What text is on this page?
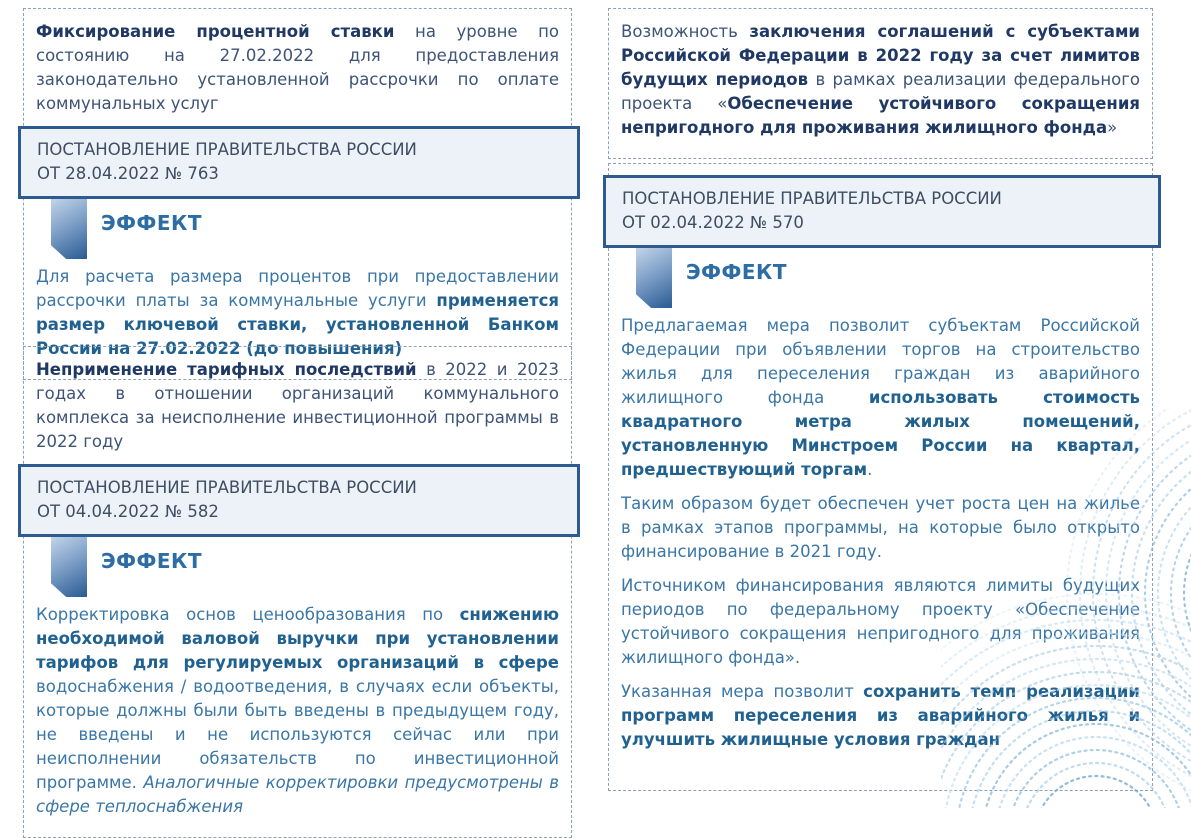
Фиксирование процентной ставки на уровне по состоянию на 27.02.2022 для предоставления законодательно установленной рассрочки по оплате коммунальных услуг
ПОСТАНОВЛЕНИЕ ПРАВИТЕЛЬСТВА РОССИИ
ОТ 28.04.2022 № 763
ЭФФЕКТ
Для расчета размера процентов при предоставлении рассрочки платы за коммунальные услуги применяется размер ключевой ставки, установленной Банком России на 27.02.2022 (до повышения)
Неприменение тарифных последствий в 2022 и 2023 годах в отношении организаций коммунального комплекса за неисполнение инвестиционной программы в 2022 году
ПОСТАНОВЛЕНИЕ ПРАВИТЕЛЬСТВА РОССИИ
ОТ 04.04.2022 № 582
ЭФФЕКТ
Корректировка основ ценообразования по снижению необходимой валовой выручки при установлении тарифов для регулируемых организаций в сфере водоснабжения / водоотведения, в случаях если объекты, которые должны были быть введены в предыдущем году, не введены и не используются сейчас или при неисполнении обязательств по инвестиционной программе. Аналогичные корректировки предусмотрены в сфере теплоснабжения
Возможность заключения соглашений с субъектами Российской Федерации в 2022 году за счет лимитов будущих периодов в рамках реализации федерального проекта «Обеспечение устойчивого сокращения непригодного для проживания жилищного фонда»
ПОСТАНОВЛЕНИЕ ПРАВИТЕЛЬСТВА РОССИИ
ОТ 02.04.2022 № 570
ЭФФЕКТ
Предлагаемая мера позволит субъектам Российской Федерации при объявлении торгов на строительство жилья для переселения граждан из аварийного жилищного фонда использовать стоимость квадратного метра жилых помещений, установленную Минстроем России на квартал, предшествующий торгам.
Таким образом будет обеспечен учет роста цен на жилье в рамках этапов программы, на которые было открыто финансирование в 2021 году.
Источником финансирования являются лимиты будущих периодов по федеральному проекту «Обеспечение устойчивого сокращения непригодного для проживания жилищного фонда».
Указанная мера позволит сохранить темп реализации программ переселения из аварийного жилья и улучшить жилищные условия граждан
